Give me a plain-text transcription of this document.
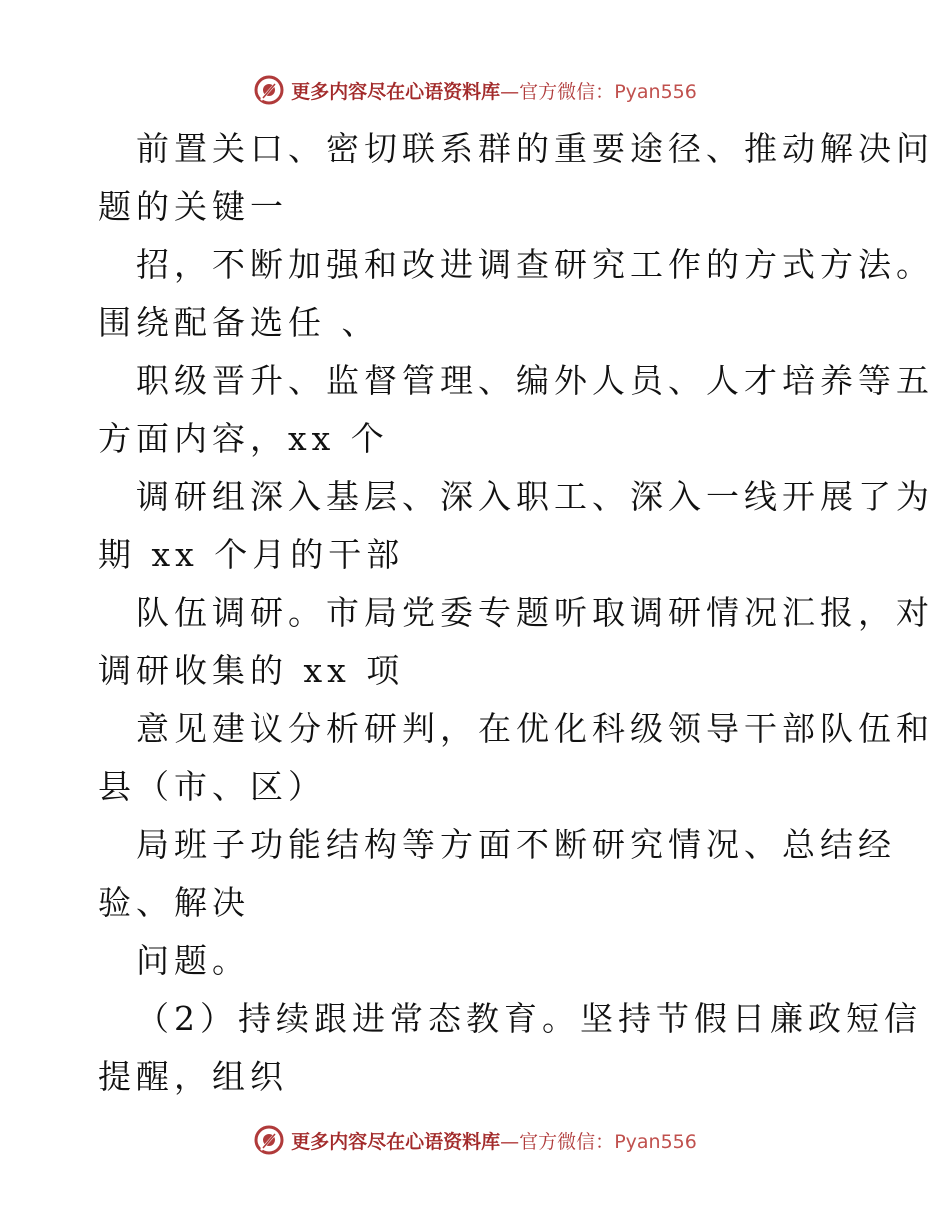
更多内容尽在心语资料库—官方微信：Pyan556
前置关口、密切联系群的重要途径、推动解决问
题的关键一
招，不断加强和改进调查研究工作的方式方法。
围绕配备选任 、
职级晋升、监督管理、编外人员、人才培养等五
方面内容，xx 个
调研组深入基层、深入职工、深入一线开展了为
期 xx 个月的干部
队伍调研。市局党委专题听取调研情况汇报，对
调研收集的 xx 项
意见建议分析研判，在优化科级领导干部队伍和
县（市、区）
局班子功能结构等方面不断研究情况、总结经
验、解决
问题。
（2）持续跟进常态教育。坚持节假日廉政短信
提醒，组织
更多内容尽在心语资料库—官方微信：Pyan556
